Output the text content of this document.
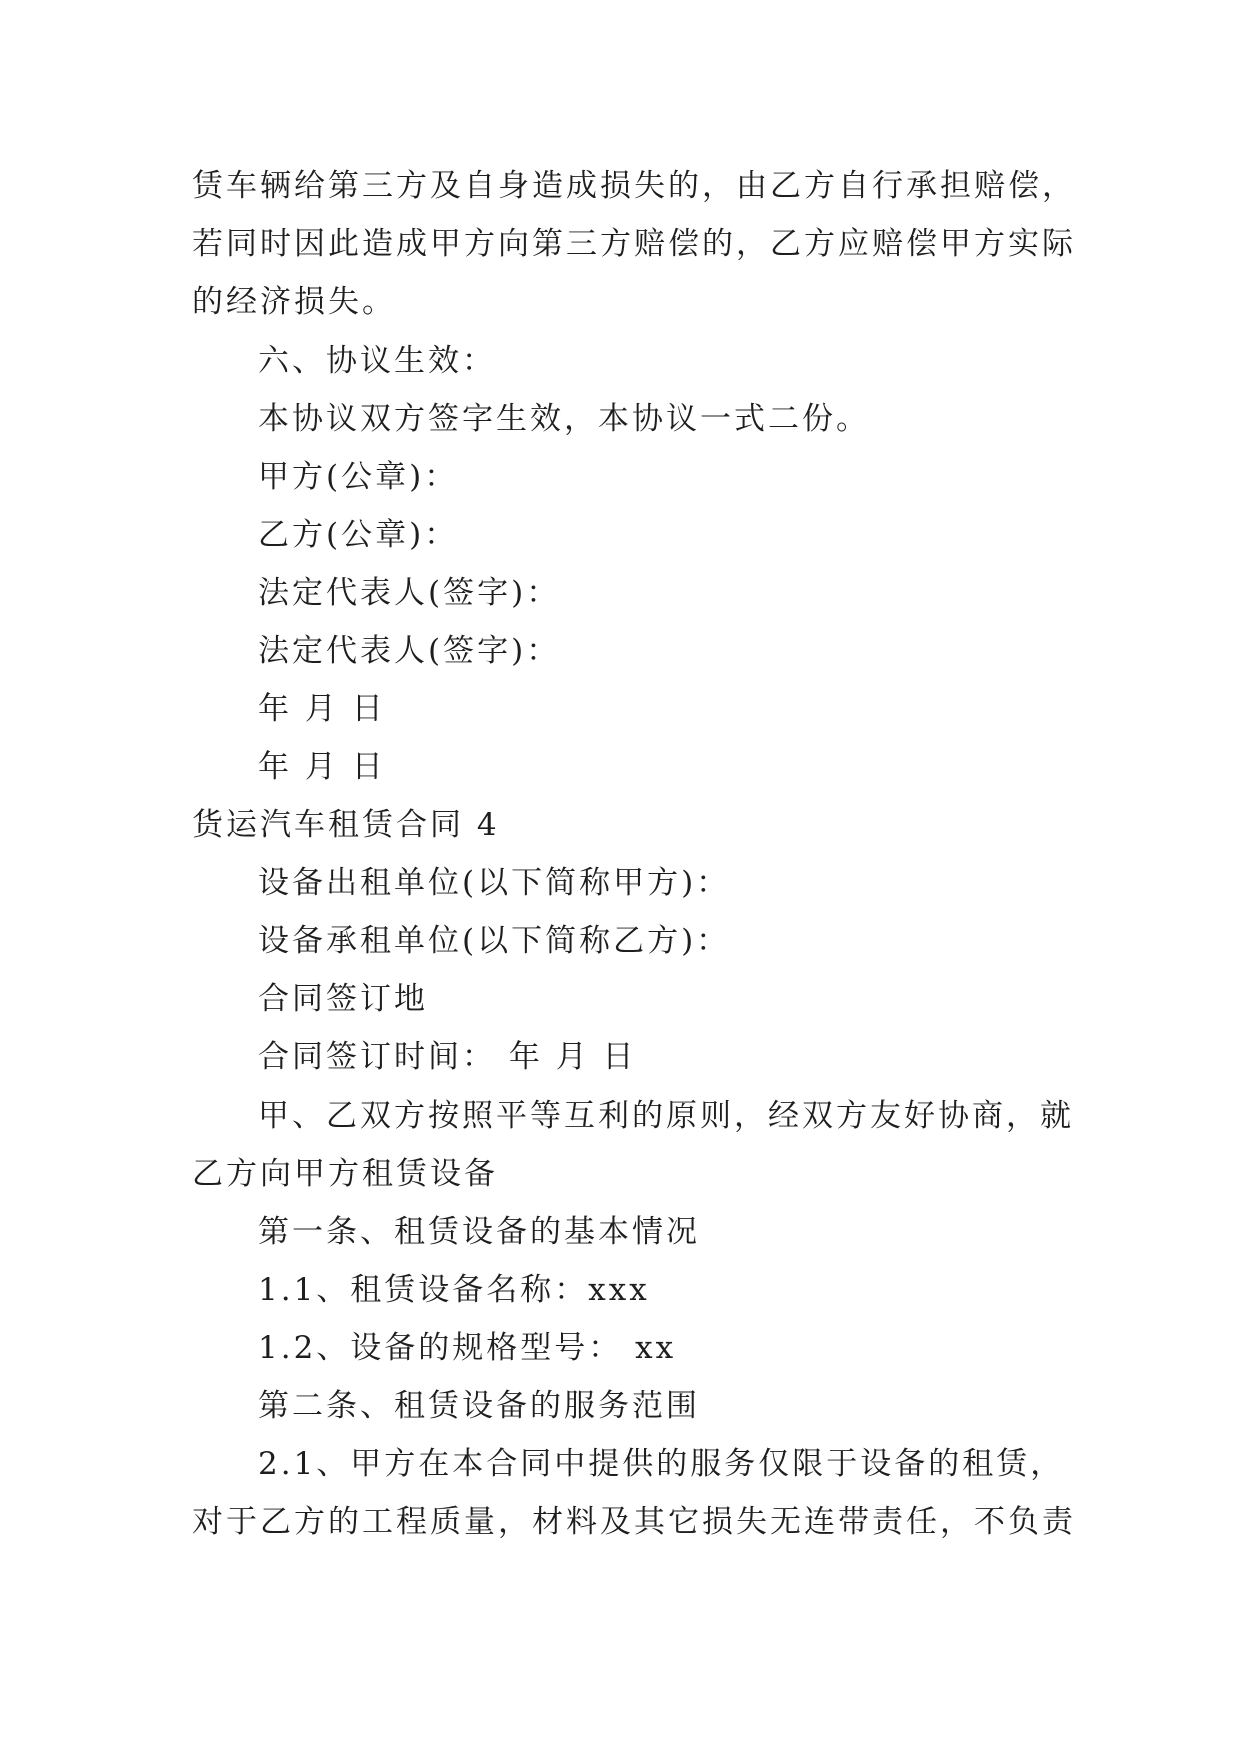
赁车辆给第三方及自身造成损失的，由乙方自行承担赔偿，
若同时因此造成甲方向第三方赔偿的，乙方应赔偿甲方实际
的经济损失。
六、协议生效：
本协议双方签字生效，本协议一式二份。
甲方(公章)：
乙方(公章)：
法定代表人(签字)：
法定代表人(签字)：
年 月 日
年 月 日
货运汽车租赁合同 4
设备出租单位(以下简称甲方)：
设备承租单位(以下简称乙方)：
合同签订地
合同签订时间： 年 月 日
甲、乙双方按照平等互利的原则，经双方友好协商，就
乙方向甲方租赁设备
第一条、租赁设备的基本情况
1.1、租赁设备名称：xxx
1.2、设备的规格型号： xx
第二条、租赁设备的服务范围
2.1、甲方在本合同中提供的服务仅限于设备的租赁，
对于乙方的工程质量，材料及其它损失无连带责任，不负责
